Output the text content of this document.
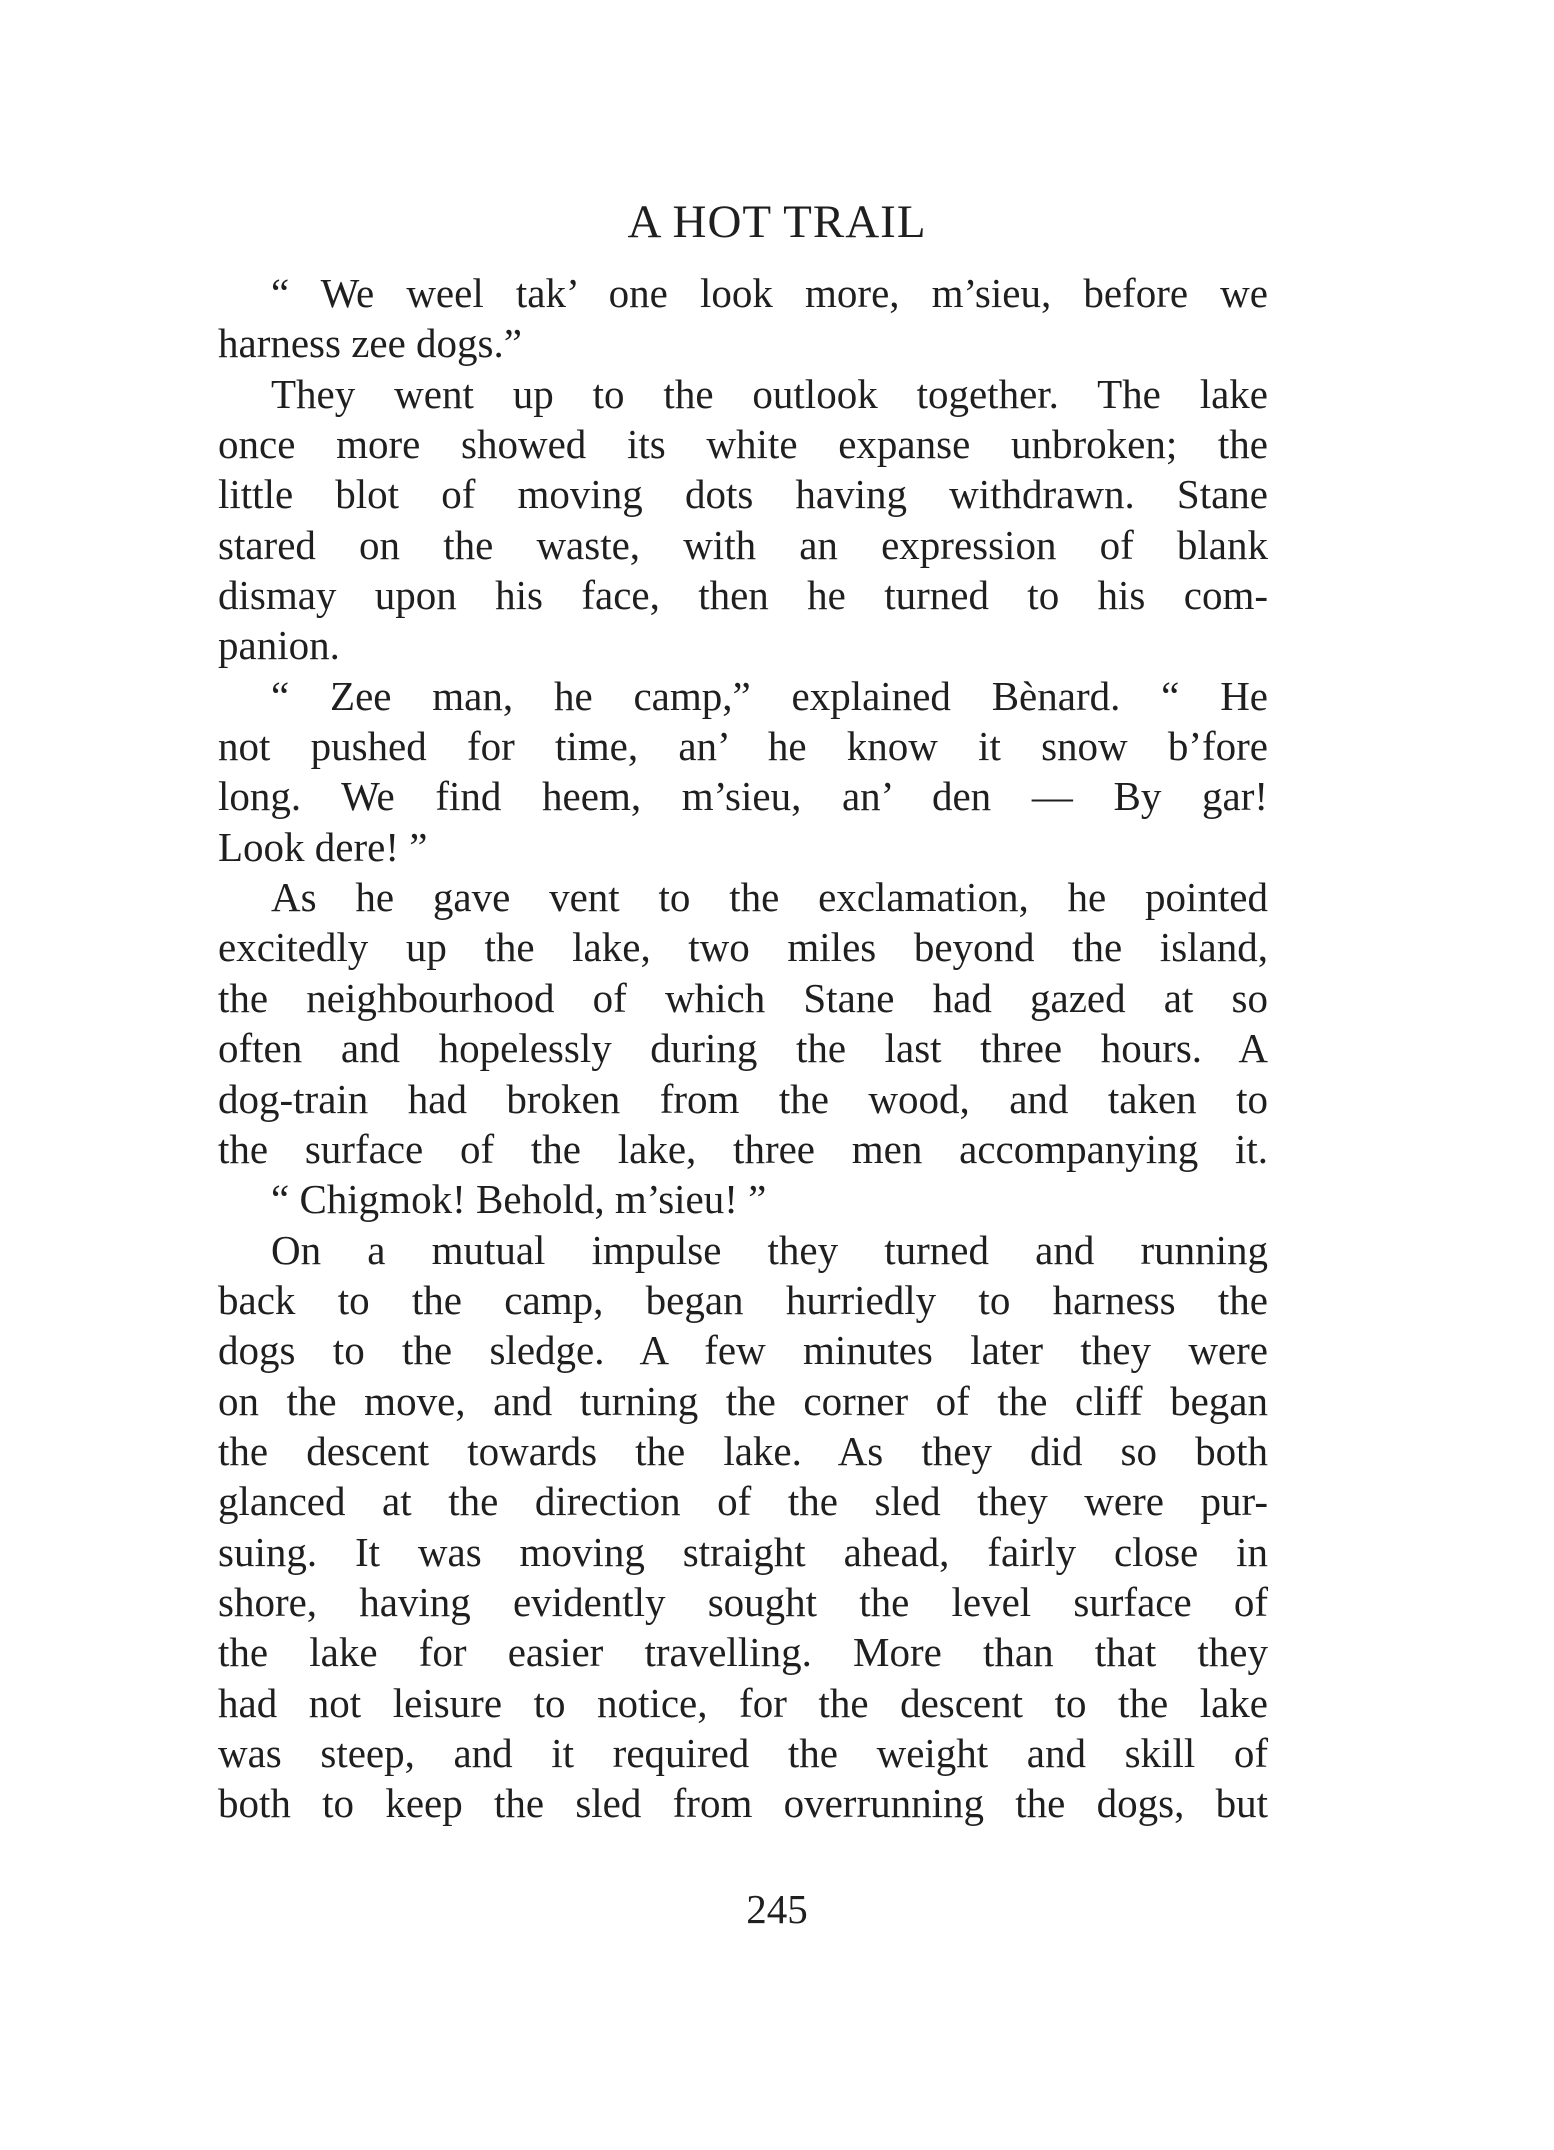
A HOT TRAIL
“ We weel tak’ one look more, m’sieu, before we
harness zee dogs.”
They went up to the outlook together. The lake
once more showed its white expanse unbroken; the
little blot of moving dots having withdrawn. Stane
stared on the waste, with an expression of blank
dismay upon his face, then he turned to his com-
panion.
“ Zee man, he camp,” explained Bènard. “ He
not pushed for time, an’ he know it snow b’fore
long. We find heem, m’sieu, an’ den — By gar!
Look dere! ”
As he gave vent to the exclamation, he pointed
excitedly up the lake, two miles beyond the island,
the neighbourhood of which Stane had gazed at so
often and hopelessly during the last three hours. A
dog-train had broken from the wood, and taken to
the surface of the lake, three men accompanying it.
“ Chigmok! Behold, m’sieu! ”
On a mutual impulse they turned and running
back to the camp, began hurriedly to harness the
dogs to the sledge. A few minutes later they were
on the move, and turning the corner of the cliff began
the descent towards the lake. As they did so both
glanced at the direction of the sled they were pur-
suing. It was moving straight ahead, fairly close in
shore, having evidently sought the level surface of
the lake for easier travelling. More than that they
had not leisure to notice, for the descent to the lake
was steep, and it required the weight and skill of
both to keep the sled from overrunning the dogs, but
245
